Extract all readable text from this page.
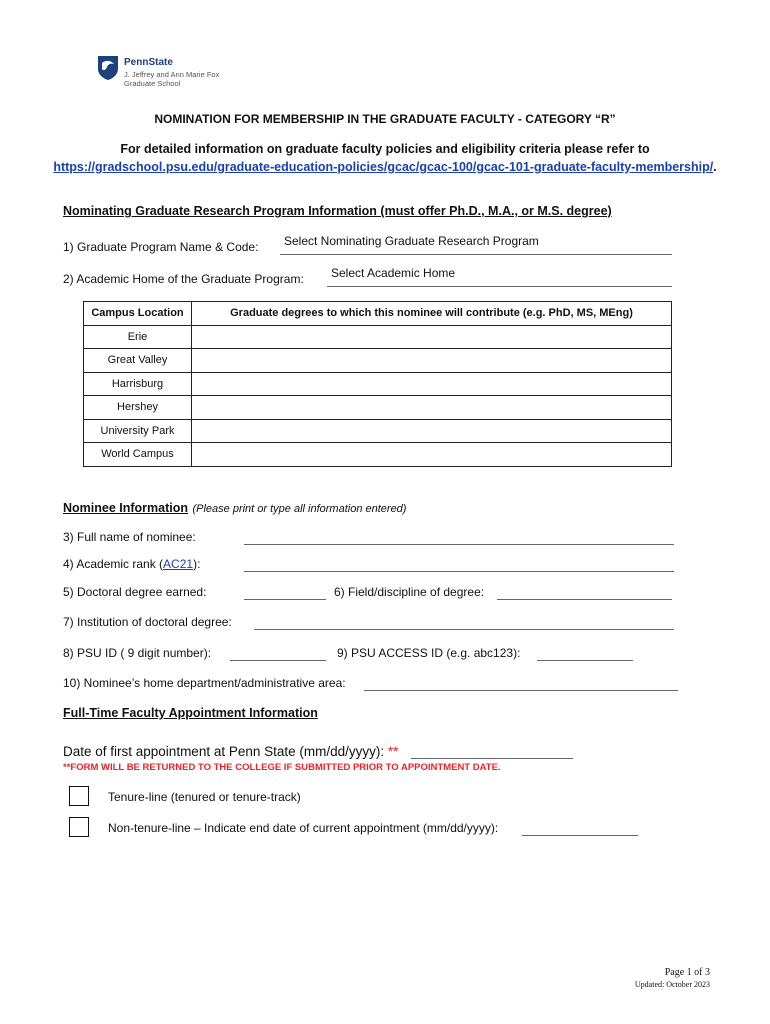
PennState
J. Jeffrey and Ann Marie Fox Graduate School
NOMINATION FOR MEMBERSHIP IN THE GRADUATE FACULTY - CATEGORY “R”
For detailed information on graduate faculty policies and eligibility criteria please refer to
https://gradschool.psu.edu/graduate-education-policies/gcac/gcac-100/gcac-101-graduate-faculty-membership/.
Nominating Graduate Research Program Information (must offer Ph.D., M.A., or M.S. degree)
1) Graduate Program Name & Code: Select Nominating Graduate Research Program
2) Academic Home of the Graduate Program: Select Academic Home
Campus Location	Graduate degrees to which this nominee will contribute (e.g. PhD, MS, MEng)
Erie	
Great Valley	
Harrisburg	
Hershey	
University Park	
World Campus	
Nominee Information (Please print or type all information entered)
3) Full name of nominee:
4) Academic rank (AC21):
5) Doctoral degree earned:	6) Field/discipline of degree:
7) Institution of doctoral degree:
8) PSU ID ( 9 digit number):	9) PSU ACCESS ID (e.g. abc123):
10) Nominee’s home department/administrative area:
Full-Time Faculty Appointment Information
Date of first appointment at Penn State (mm/dd/yyyy): **
**FORM WILL BE RETURNED TO THE COLLEGE IF SUBMITTED PRIOR TO APPOINTMENT DATE.
Tenure-line (tenured or tenure-track)
Non-tenure-line – Indicate end date of current appointment (mm/dd/yyyy):
Page 1 of 3
Updated: October 2023
